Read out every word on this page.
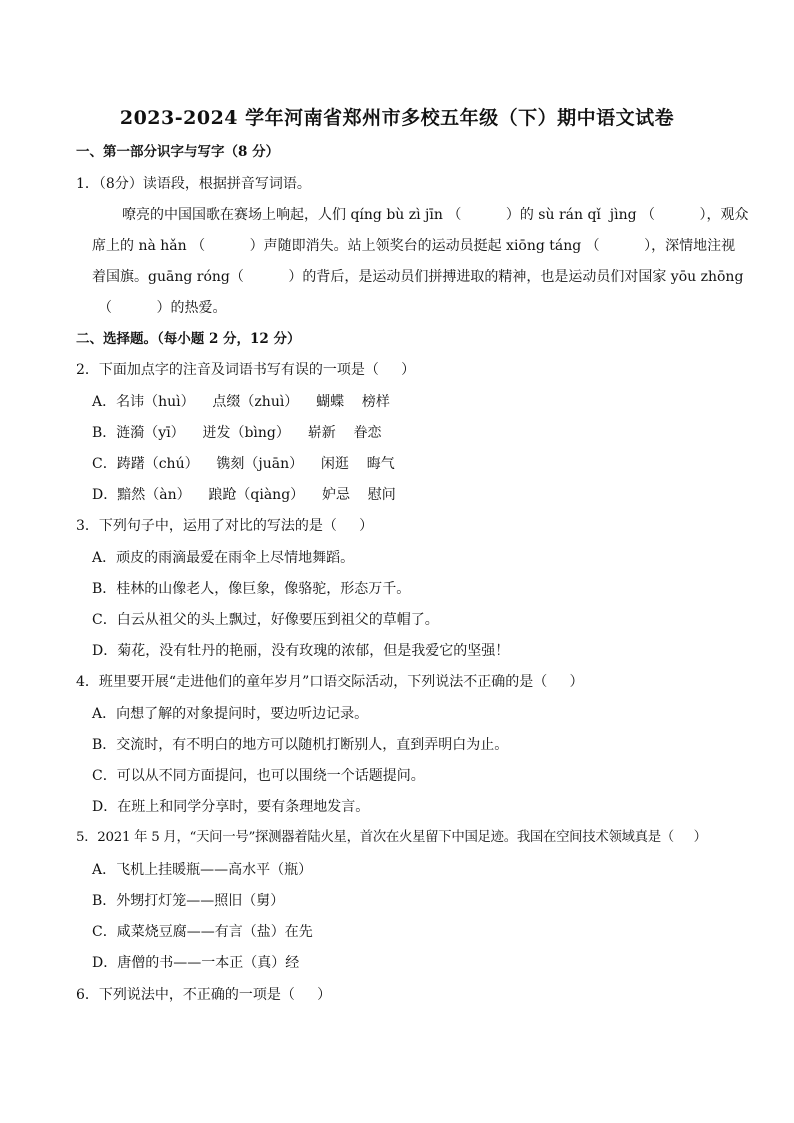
2023-2024 学年河南省郑州市多校五年级（下）期中语文试卷
一、第一部分识字与写字（8 分）
1．（8分）读语段，根据拼音写词语。
嘹亮的中国国歌在赛场上响起，人们 qíng bù zì jīn （          ）的 sù rán qǐ  jìng （          ），观众
席上的 nà hǎn （          ）声随即消失。站上领奖台的运动员挺起 xiōng táng （          ），深情地注视
着国旗。guāng róng（          ）的背后，是运动员们拼搏进取的精神，也是运动员们对国家 yōu zhōng
（          ）的热爱。
二、选择题。（每小题 2 分，12 分）
2．下面加点字的注音及词语书写有误的一项是（     ）
A．名讳（huì）    点缀（zhuì）    蝴蝶    榜样
B．涟漪（yī）    迸发（bìng）    崭新    眷恋
C．踌躇（chú）    镌刻（juān）    闲逛    晦气
D．黯然（àn）    踉跄（qiàng）    妒忌    慰问
3．下列句子中，运用了对比的写法的是（     ）
A．顽皮的雨滴最爱在雨伞上尽情地舞蹈。
B．桂林的山像老人，像巨象，像骆驼，形态万千。
C．白云从祖父的头上飘过，好像要压到祖父的草帽了。
D．菊花，没有牡丹的艳丽，没有玫瑰的浓郁，但是我爱它的坚强！
4．班里要开展“走进他们的童年岁月”口语交际活动，下列说法不正确的是（     ）
A．向想了解的对象提问时，要边听边记录。
B．交流时，有不明白的地方可以随机打断别人，直到弄明白为止。
C．可以从不同方面提问，也可以围绕一个话题提问。
D．在班上和同学分享时，要有条理地发言。
5．2021 年 5 月，“天问一号”探测器着陆火星，首次在火星留下中国足迹。我国在空间技术领域真是（     ）
A．飞机上挂暖瓶——高水平（瓶）
B．外甥打灯笼——照旧（舅）
C．咸菜烧豆腐——有言（盐）在先
D．唐僧的书——一本正（真）经
6．下列说法中，不正确的一项是（     ）
